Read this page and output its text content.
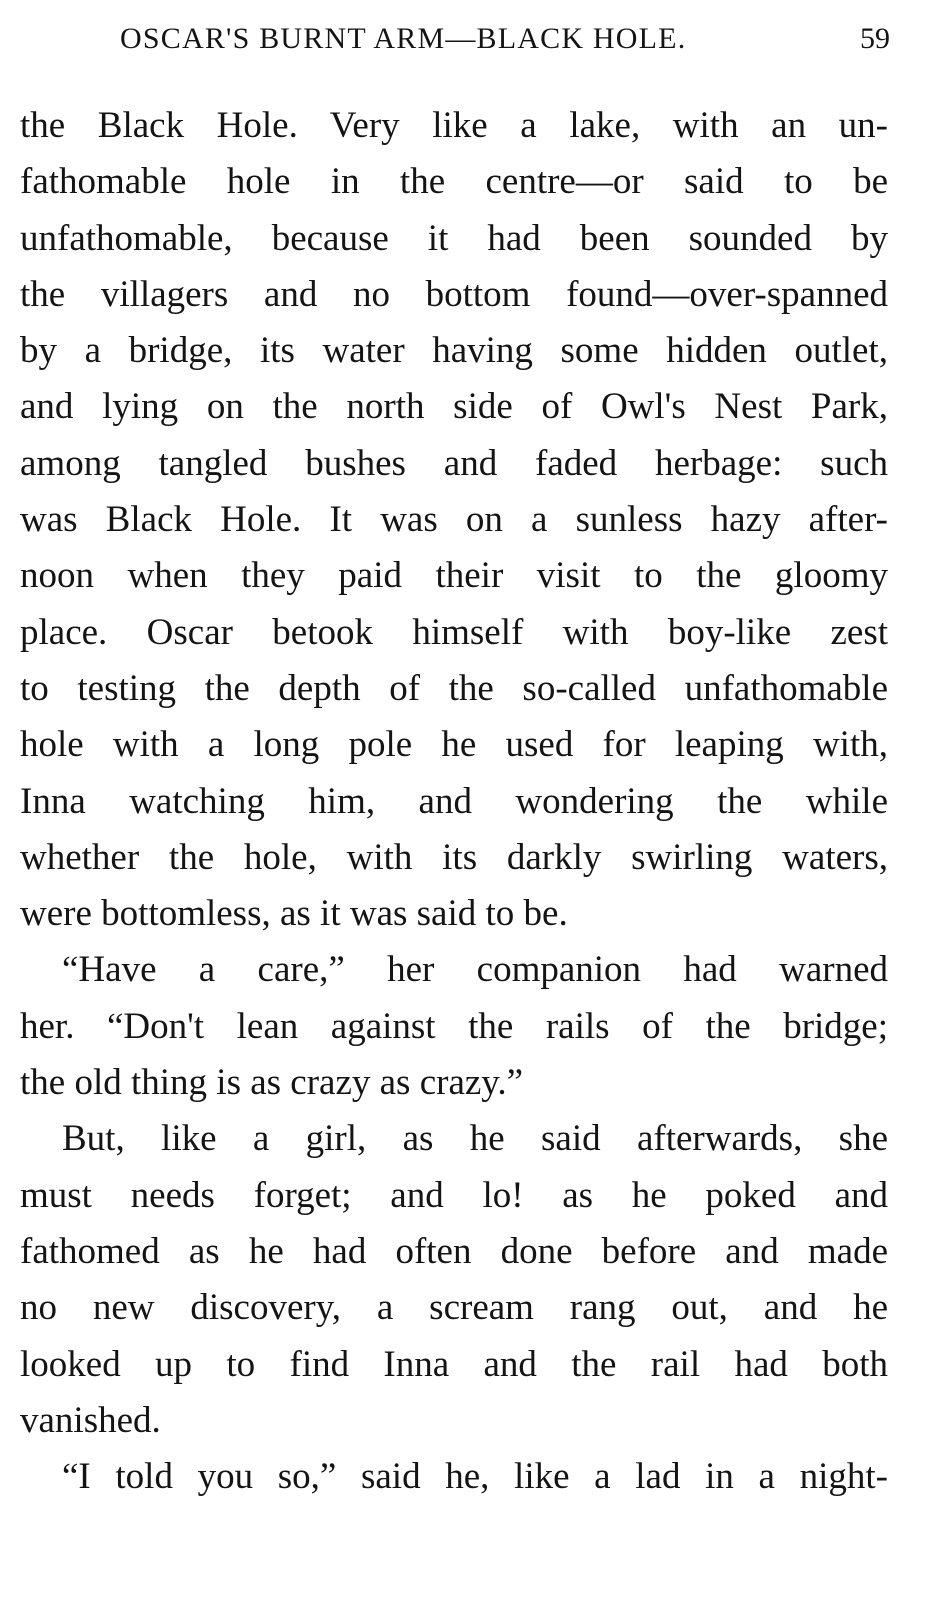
OSCAR'S BURNT ARM—BLACK HOLE.	59
the Black Hole. Very like a lake, with an un-
fathomable hole in the centre—or said to be
unfathomable, because it had been sounded by
the villagers and no bottom found—over-spanned
by a bridge, its water having some hidden outlet,
and lying on the north side of Owl's Nest Park,
among tangled bushes and faded herbage: such
was Black Hole. It was on a sunless hazy after-
noon when they paid their visit to the gloomy
place. Oscar betook himself with boy-like zest
to testing the depth of the so-called unfathomable
hole with a long pole he used for leaping with,
Inna watching him, and wondering the while
whether the hole, with its darkly swirling waters,
were bottomless, as it was said to be.
“Have a care,” her companion had warned
her. “Don't lean against the rails of the bridge;
the old thing is as crazy as crazy.”
But, like a girl, as he said afterwards, she
must needs forget; and lo! as he poked and
fathomed as he had often done before and made
no new discovery, a scream rang out, and he
looked up to find Inna and the rail had both
vanished.
“I told you so,” said he, like a lad in a night-
